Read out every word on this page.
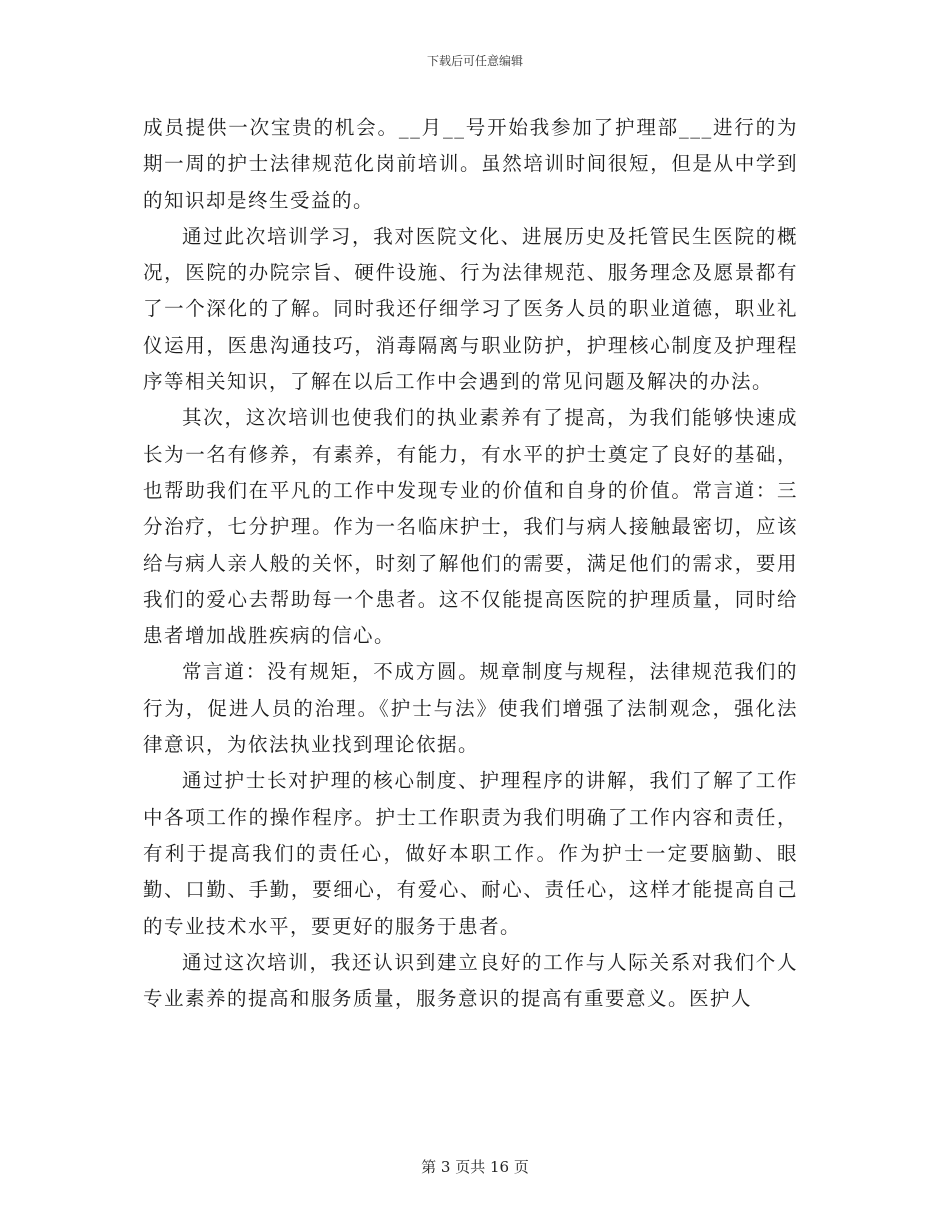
下载后可任意编辑

成员提供一次宝贵的机会。__月__号开始我参加了护理部___进行的为期一周的护士法律规范化岗前培训。虽然培训时间很短，但是从中学到的知识却是终生受益的。

通过此次培训学习，我对医院文化、进展历史及托管民生医院的概况，医院的办院宗旨、硬件设施、行为法律规范、服务理念及愿景都有了一个深化的了解。同时我还仔细学习了医务人员的职业道德，职业礼仪运用，医患沟通技巧，消毒隔离与职业防护，护理核心制度及护理程序等相关知识，了解在以后工作中会遇到的常见问题及解决的办法。

其次，这次培训也使我们的执业素养有了提高，为我们能够快速成长为一名有修养，有素养，有能力，有水平的护士奠定了良好的基础，也帮助我们在平凡的工作中发现专业的价值和自身的价值。常言道：三分治疗，七分护理。作为一名临床护士，我们与病人接触最密切，应该给与病人亲人般的关怀，时刻了解他们的需要，满足他们的需求，要用我们的爱心去帮助每一个患者。这不仅能提高医院的护理质量，同时给患者增加战胜疾病的信心。

常言道：没有规矩，不成方圆。规章制度与规程，法律规范我们的行为，促进人员的治理。《护士与法》使我们增强了法制观念，强化法律意识，为依法执业找到理论依据。

通过护士长对护理的核心制度、护理程序的讲解，我们了解了工作中各项工作的操作程序。护士工作职责为我们明确了工作内容和责任，有利于提高我们的责任心，做好本职工作。作为护士一定要脑勤、眼勤、口勤、手勤，要细心，有爱心、耐心、责任心，这样才能提高自己的专业技术水平，要更好的服务于患者。

通过这次培训，我还认识到建立良好的工作与人际关系对我们个人专业素养的提高和服务质量，服务意识的提高有重要意义。医护人

第 3 页共 16 页
